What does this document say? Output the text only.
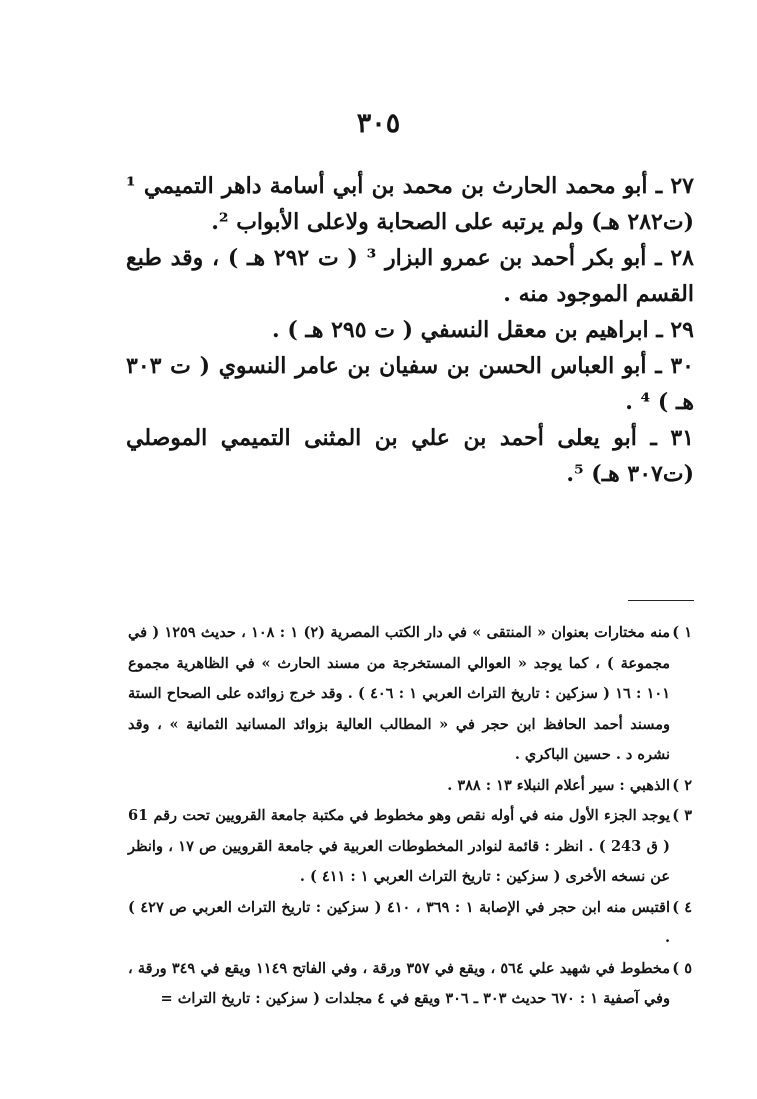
٣٠٥

٢٧ ـ أبو محمد الحارث بن محمد بن أبي أسامة داهر التميمي ¹ (ت٢٨٢ هـ) ولم يرتبه على الصحابة ولاعلى الأبواب ².

٢٨ ـ أبو بكر أحمد بن عمرو البزار ³ ( ت ٢٩٢ هـ ) ، وقد طبع القسم الموجود منه .

٢٩ ـ ابراهيم بن معقل النسفي ( ت ٢٩٥ هـ ) .

٣٠ ـ أبو العباس الحسن بن سفيان بن عامر النسوي ( ت ٣٠٣ هـ ) ⁴ .

٣١ ـ أبو يعلى أحمد بن علي بن المثنى التميمي الموصلي (ت٣٠٧ هـ) ⁵.

١ )
منه مختارات بعنوان « المنتقى » في دار الكتب المصرية (٢) ١ : ١٠٨ ، حديث ١٢٥٩ ( في مجموعة ) ، كما يوجد « العوالي المستخرجة من مسند الحارث » في الظاهرية مجموع ١٠١ : ١٦ ( سزكين : تاريخ التراث العربي ١ : ٤٠٦ ) . وقد خرج زوائده على الصحاح الستة ومسند أحمد الحافظ ابن حجر في « المطالب العالية بزوائد المسانيد الثمانية » ، وقد نشره د . حسين الباكري .
٢ )
الذهبي : سير أعلام النبلاء ١٣ : ٣٨٨ .
٣ )
يوجد الجزء الأول منه في أوله نقص وهو مخطوط في مكتبة جامعة القرويين تحت رقم 61 ( ق 243 ) . انظر : قائمة لنوادر المخطوطات العربية في جامعة القرويين ص ١٧ ، وانظر عن نسخه الأخرى ( سزكين : تاريخ التراث العربي ١ : ٤١١ ) .
٤ )
اقتبس منه ابن حجر في الإصابة ١ : ٣٦٩ ، ٤١٠ ( سزكين : تاريخ التراث العربي ص ٤٢٧ ) .
٥ )
مخطوط في شهيد علي ٥٦٤ ، ويقع في ٣٥٧ ورقة ، وفي الفاتح ١١٤٩ ويقع في ٣٤٩ ورقة ، وفي آصفية ١ : ٦٧٠ حديث ٣٠٣ ـ ٣٠٦ ويقع في ٤ مجلدات ( سزكين : تاريخ التراث =
